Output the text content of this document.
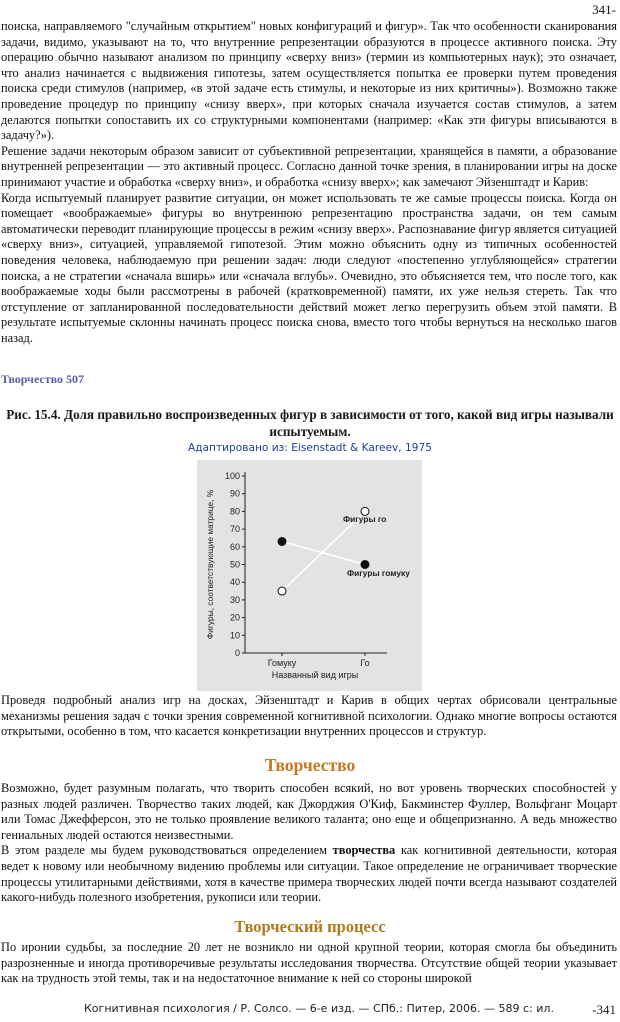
341-

поиска, направляемого "случайным открытием" новых конфигураций и фигур». Так что особенности сканирования задачи, видимо, указывают на то, что внутренние репрезентации образуются в процессе активного поиска. Эту операцию обычно называют анализом по принципу «сверху вниз» (термин из компьютерных наук); это означает, что анализ начинается с выдвижения гипотезы, затем осуществляется попытка ее проверки путем проведения поиска среди стимулов (например, «в этой задаче есть стимулы, и некоторые из них критичны»). Возможно также проведение процедур по принципу «снизу вверх», при которых сначала изучается состав стимулов, а затем делаются попытки сопоставить их со структурными компонентами (например: «Как эти фигуры вписываются в задачу?»).

Решение задачи некоторым образом зависит от субъективной репрезентации, хранящейся в памяти, а образование внутренней репрезентации — это активный процесс. Согласно данной точке зрения, в планировании игры на доске принимают участие и обработка «сверху вниз», и обработка «снизу вверх»; как замечают Эйзенштадт и Карив:

Когда испытуемый планирует развитие ситуации, он может использовать те же самые процессы поиска. Когда он помещает «воображаемые» фигуры во внутреннюю репрезентацию пространства задачи, он тем самым автоматически переводит планирующие процессы в режим «снизу вверх». Распознавание фигур является ситуацией «сверху вниз», ситуацией, управляемой гипотезой. Этим можно объяснить одну из типичных особенностей поведения человека, наблюдаемую при решении задач: люди следуют «постепенно углубляющейся» стратегии поиска, а не стратегии «сначала вширь» или «сначала вглубь». Очевидно, это объясняется тем, что после того, как воображаемые ходы были рассмотрены в рабочей (кратковременной) памяти, их уже нельзя стереть. Так что отступление от запланированной последовательности действий может легко перегрузить объем этой памяти. В результате испытуемые склонны начинать процесс поиска снова, вместо того чтобы вернуться на несколько шагов назад.

Творчество 507
Рис. 15.4. Доля правильно воспроизведенных фигур в зависимости от того, какой вид игры называли испытуемым.
Адаптировано из: Eisenstadt & Kareev, 1975
0
10
20
30
40
50
60
70
80
90
100
Гомуку	Го
Названный вид игры
Фигуры, соответствующие матрице, %	Фигуры го
Фигуры гомуку

Проведя подробный анализ игр на досках, Эйзенштадт и Карив в общих чертах обрисовали центральные механизмы решения задач с точки зрения современной когнитивной психологии. Однако многие вопросы остаются открытыми, особенно в том, что касается конкретизации внутренних процессов и структур.

Творчество

Возможно, будет разумным полагать, что творить способен всякий, но вот уровень творческих способностей у разных людей различен. Творчество таких людей, как Джорджия О'Киф, Бакминстер Фуллер, Вольфганг Моцарт или Томас Джефферсон, это не только проявление великого таланта; оно еще и общепризнанно. А ведь множество гениальных людей остаются неизвестными.

В этом разделе мы будем руководствоваться определением творчества как когнитивной деятельности, которая ведет к новому или необычному видению проблемы или ситуации. Такое определение не ограничивает творческие процессы утилитарными действиями, хотя в качестве примера творческих людей почти всегда называют создателей какого-нибудь полезного изобретения, рукописи или теории.

Творческий процесс

По иронии судьбы, за последние 20 лет не возникло ни одной крупной теории, которая смогла бы объединить разрозненные и иногда противоречивые результаты исследования творчества. Отсутствие общей теории указывает как на трудность этой темы, так и на недостаточное внимание к ней со стороны широкой

Когнитивная психология / Р. Солсо. — 6-е изд. — СПб.: Питер, 2006. — 589 с: ил.	-341
